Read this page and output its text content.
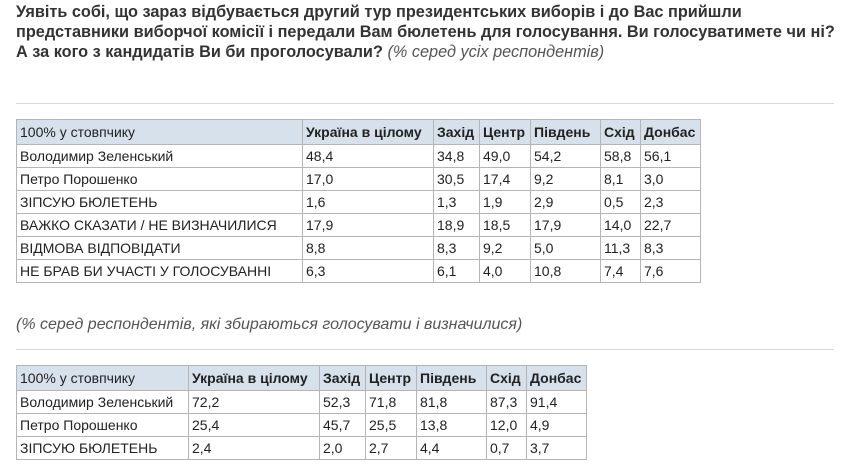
Уявіть собі, що зараз відбувається другий тур президентських виборів і до Вас прийшли представники виборчої комісії і передали Вам бюлетень для голосування. Ви голосуватимете чи ні? А за кого з кандидатів Ви би проголосували? (% серед усіх респондентів)
100% у стовпчику	Україна в цілому	Захід	Центр	Південь	Схід	Донбас
Володимир Зеленський	48,4	34,8	49,0	54,2	58,8	56,1
Петро Порошенко	17,0	30,5	17,4	9,2	8,1	3,0
ЗІПСУЮ БЮЛЕТЕНЬ	1,6	1,3	1,9	2,9	0,5	2,3
ВАЖКО СКАЗАТИ / НЕ ВИЗНАЧИЛИСЯ	17,9	18,9	18,5	17,9	14,0	22,7
ВІДМОВА ВІДПОВІДАТИ	8,8	8,3	9,2	5,0	11,3	8,3
НЕ БРАВ БИ УЧАСТІ У ГОЛОСУВАННІ	6,3	6,1	4,0	10,8	7,4	7,6
(% серед респондентів, які збираються голосувати і визначилися)
100% у стовпчику	Україна в цілому	Захід	Центр	Південь	Схід	Донбас
Володимир Зеленський	72,2	52,3	71,8	81,8	87,3	91,4
Петро Порошенко	25,4	45,7	25,5	13,8	12,0	4,9
ЗІПСУЮ БЮЛЕТЕНЬ	2,4	2,0	2,7	4,4	0,7	3,7
